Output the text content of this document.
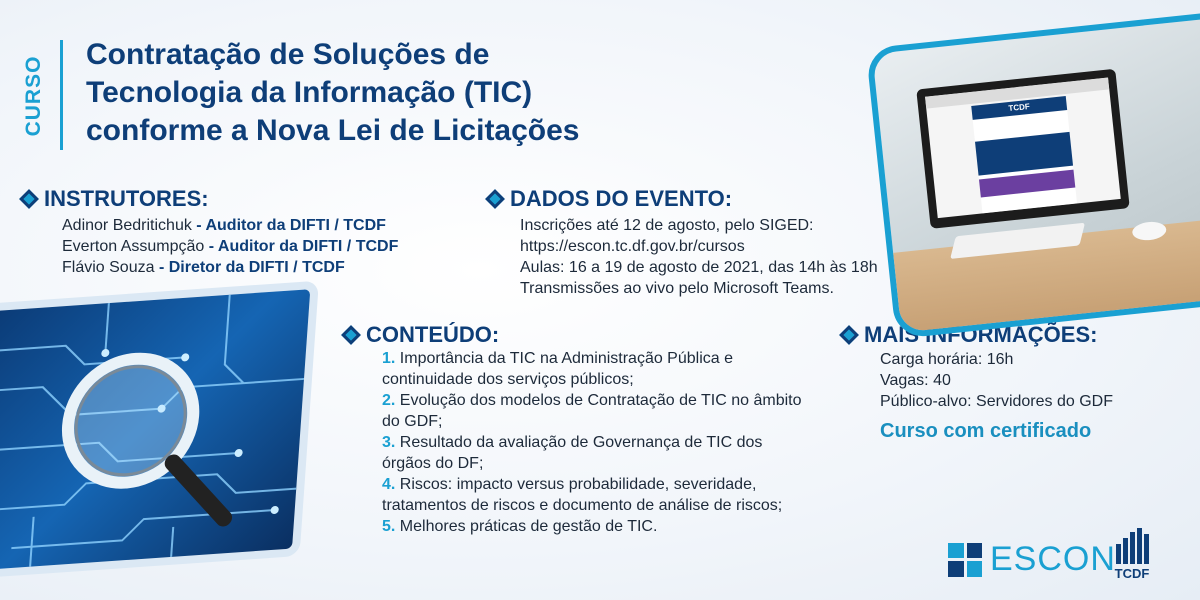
CURSO
Contratação de Soluções de
Tecnologia da Informação (TIC)
conforme a Nova Lei de Licitações
INSTRUTORES:
Adinor Bedritichuk - Auditor da DIFTI / TCDF
Everton Assumpção - Auditor da DIFTI / TCDF
Flávio Souza - Diretor da DIFTI / TCDF
DADOS DO EVENTO:
Inscrições até 12 de agosto, pelo SIGED:
https://escon.tc.df.gov.br/cursos
Aulas: 16 a 19 de agosto de 2021, das 14h às 18h
Transmissões ao vivo pelo Microsoft Teams.
CONTEÚDO:
1. Importância da TIC na Administração Pública e continuidade dos serviços públicos;
2. Evolução dos modelos de Contratação de TIC no âmbito do GDF;
3. Resultado da avaliação de Governança de TIC dos órgãos do DF;
4. Riscos: impacto versus probabilidade, severidade, tratamentos de riscos e documento de análise de riscos;
5. Melhores práticas de gestão de TIC.
MAIS INFORMAÇÕES:
Carga horária: 16h
Vagas: 40
Público-alvo: Servidores do GDF
Curso com certificado
TCDF
ESCON
TCDF
